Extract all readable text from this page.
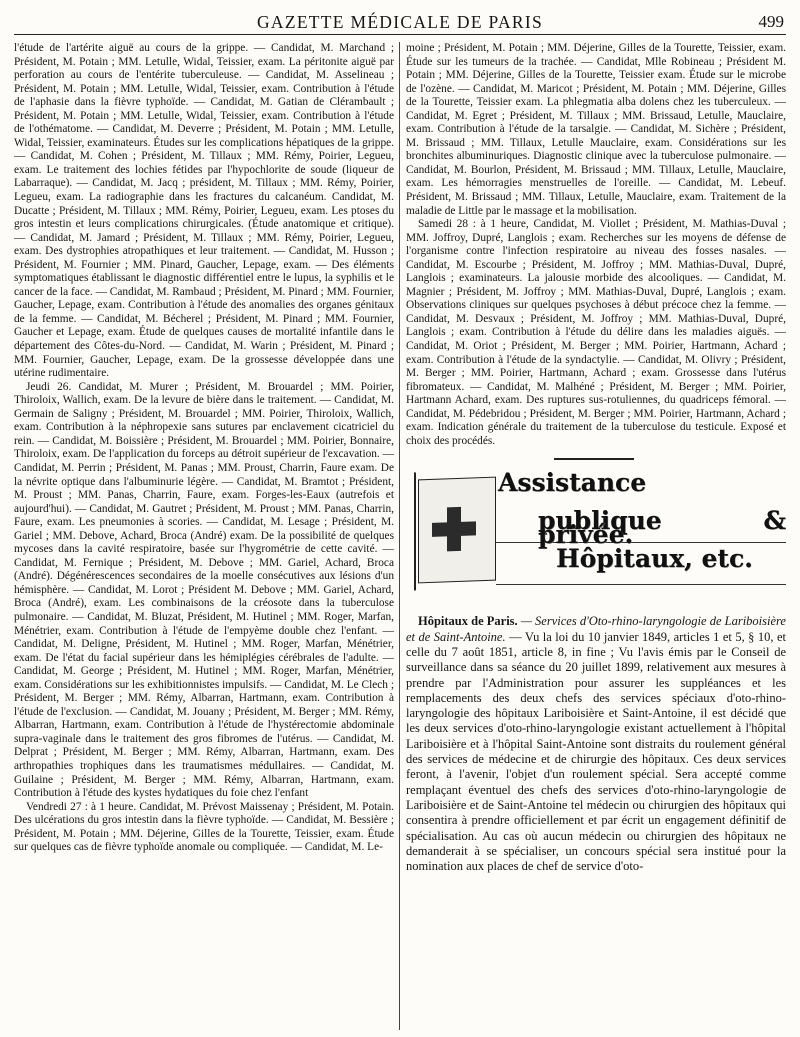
GAZETTE MÉDICALE DE PARIS	499

l'étude de l'artérite aiguë au cours de la grippe. — Candidat, M. Marchand ; Président, M. Potain ; MM. Letulle, Widal, Teissier, exam. La péritonite aiguë par perforation au cours de l'entérite tuberculeuse. — Candidat, M. Asselineau ; Président, M. Potain ; MM. Letulle, Widal, Teissier, exam. Contribution à l'étude de l'aphasie dans la fièvre typhoïde. — Candidat, M. Gatian de Clérambault ; Président, M. Potain ; MM. Letulle, Widal, Teissier, exam. Contribution à l'étude de l'othématome. — Candidat, M. Deverre ; Président, M. Potain ; MM. Letulle, Widal, Teissier, examinateurs. Études sur les complications hépatiques de la grippe. — Candidat, M. Cohen ; Président, M. Tillaux ; MM. Rémy, Poirier, Legueu, exam. Le traitement des lochies fétides par l'hypochlorite de soude (liqueur de Labarraque). — Candidat, M. Jacq ; président, M. Tillaux ; MM. Rémy, Poirier, Legueu, exam. La radiographie dans les fractures du calcanéum. Candidat, M. Ducatte ; Président, M. Tillaux ; MM. Rémy, Poirier, Legueu, exam. Les ptoses du gros intestin et leurs complications chirurgicales. (Étude anatomique et critique). — Candidat, M. Jamard ; Président, M. Tillaux ; MM. Rémy, Poirier, Legueu, exam. Des dystrophies atropathiques et leur traitement. — Candidat, M. Husson ; Président, M. Fournier ; MM. Pinard, Gaucher, Lepage, exam. — Des éléments symptomatiques établissant le diagnostic différentiel entre le lupus, la syphilis et le cancer de la face. — Candidat, M. Rambaud ; Président, M. Pinard ; MM. Fournier, Gaucher, Lepage, exam. Contribution à l'étude des anomalies des organes génitaux de la femme. — Candidat, M. Bécherel ; Président, M. Pinard ; MM. Fournier, Gaucher et Lepage, exam. Étude de quelques causes de mortalité infantile dans le département des Côtes-du-Nord. — Candidat, M. Warin ; Président, M. Pinard ; MM. Fournier, Gaucher, Lepage, exam. De la grossesse développée dans une utérine rudimentaire.

Jeudi 26. Candidat, M. Murer ; Président, M. Brouardel ; MM. Poirier, Thiroloix, Wallich, exam. De la levure de bière dans le traitement. — Candidat, M. Germain de Saligny ; Président, M. Brouardel ; MM. Poirier, Thiroloix, Wallich, exam. Contribution à la néphropexie sans sutures par enclavement cicatriciel du rein. — Candidat, M. Boissière ; Président, M. Brouardel ; MM. Poirier, Bonnaire, Thiroloix, exam. De l'application du forceps au détroit supérieur de l'excavation. — Candidat, M. Perrin ; Président, M. Panas ; MM. Proust, Charrin, Faure exam. De la névrite optique dans l'albuminurie légère. — Candidat, M. Bramtot ; Président, M. Proust ; MM. Panas, Charrin, Faure, exam. Forges-les-Eaux (autrefois et aujourd'hui). — Candidat, M. Gautret ; Président, M. Proust ; MM. Panas, Charrin, Faure, exam. Les pneumonies à scories. — Candidat, M. Lesage ; Président, M. Gariel ; MM. Debove, Achard, Broca (André) exam. De la possibilité de quelques mycoses dans la cavité respiratoire, basée sur l'hygrométrie de cette cavité. — Candidat, M. Fernique ; Président, M. Debove ; MM. Gariel, Achard, Broca (André). Dégénérescences secondaires de la moelle consécutives aux lésions d'un hémisphère. — Candidat, M. Lorot ; Président M. Debove ; MM. Gariel, Achard, Broca (André), exam. Les combinaisons de la créosote dans la tuberculose pulmonaire. — Candidat, M. Bluzat, Président, M. Hutinel ; MM. Roger, Marfan, Ménétrier, exam. Contribution à l'étude de l'empyème double chez l'enfant. — Candidat, M. Deligne, Président, M. Hutinel ; MM. Roger, Marfan, Ménétrier, exam. De l'état du facial supérieur dans les hémiplégies cérébrales de l'adulte. — Candidat, M. George ; Président, M. Hutinel ; MM. Roger, Marfan, Ménétrier, exam. Considérations sur les exhibitionnistes impulsifs. — Candidat, M. Le Clech ; Président, M. Berger ; MM. Rémy, Albarran, Hartmann, exam. Contribution à l'étude de l'exclusion. — Candidat, M. Jouany ; Président, M. Berger ; MM. Rémy, Albarran, Hartmann, exam. Contribution à l'étude de l'hystérectomie abdominale supra-vaginale dans le traitement des gros fibromes de l'utérus. — Candidat, M. Delprat ; Président, M. Berger ; MM. Rémy, Albarran, Hartmann, exam. Des arthropathies trophiques dans les traumatismes médullaires. — Candidat, M. Guilaine ; Président, M. Berger ; MM. Rémy, Albarran, Hartmann, exam. Contribution à l'étude des kystes hydatiques du foie chez l'enfant

Vendredi 27 : à 1 heure. Candidat, M. Prévost Maissenay ; Président, M. Potain. Des ulcérations du gros intestin dans la fièvre typhoïde. — Candidat, M. Bessière ; Président, M. Potain ; MM. Déjerine, Gilles de la Tourette, Teissier, exam. Étude sur quelques cas de fièvre typhoïde anomale ou compliquée. — Candidat, M. Le-

moine ; Président, M. Potain ; MM. Déjerine, Gilles de la Tourette, Teissier, exam. Étude sur les tumeurs de la trachée. — Candidat, Mlle Robineau ; Président M. Potain ; MM. Déjerine, Gilles de la Tourette, Teissier exam. Étude sur le microbe de l'ozène. — Candidat, M. Maricot ; Président, M. Potain ; MM. Déjerine, Gilles de la Tourette, Teissier exam. La phlegmatia alba dolens chez les tuberculeux. — Candidat, M. Egret ; Président, M. Tillaux ; MM. Brissaud, Letulle, Mauclaire, exam. Contribution à l'étude de la tarsalgie. — Candidat, M. Sichère ; Président, M. Brissaud ; MM. Tillaux, Letulle Mauclaire, exam. Considérations sur les bronchites albuminuriques. Diagnostic clinique avec la tuberculose pulmonaire. — Candidat, M. Bourlon, Président, M. Brissaud ; MM. Tillaux, Letulle, Mauclaire, exam. Les hémorragies menstruelles de l'oreille. — Candidat, M. Lebeuf. Président, M. Brissaud ; MM. Tillaux, Letulle, Mauclaire, exam. Traitement de la maladie de Little par le massage et la mobilisation.

Samedi 28 : à 1 heure, Candidat, M. Viollet ; Président, M. Mathias-Duval ; MM. Joffroy, Dupré, Langlois ; exam. Recherches sur les moyens de défense de l'organisme contre l'infection respiratoire au niveau des fosses nasales. — Candidat, M. Escourbe ; Président, M. Joffroy ; MM. Mathias-Duval, Dupré, Langlois ; examinateurs. La jalousie morbide des alcooliques. — Candidat, M. Magnier ; Président, M. Joffroy ; MM. Mathias-Duval, Dupré, Langlois ; exam. Observations cliniques sur quelques psychoses à début précoce chez la femme. — Candidat, M. Desvaux ; Président, M. Joffroy ; MM. Mathias-Duval, Dupré, Langlois ; exam. Contribution à l'étude du délire dans les maladies aiguës. — Candidat, M. Oriot ; Président, M. Berger ; MM. Poirier, Hartmann, Achard ; exam. Contribution à l'étude de la syndactylie. — Candidat, M. Olivry ; Président, M. Berger ; MM. Poirier, Hartmann, Achard ; exam. Grossesse dans l'utérus fibromateux. — Candidat, M. Malhéné ; Président, M. Berger ; MM. Poirier, Hartmann Achard, exam. Des ruptures sus-rotuliennes, du quadriceps fémoral. — Candidat, M. Pédebridou ; Président, M. Berger ; MM. Poirier, Hartmann, Achard ; exam. Indication générale du traitement de la tuberculose du testicule. Exposé et choix des procédés.

Assistance
publique & privée.
Hôpitaux, etc.

Hôpitaux de Paris. — Services d'Oto-rhino-laryngologie de Lariboisière et de Saint-Antoine. — Vu la loi du 10 janvier 1849, articles 1 et 5, § 10, et celle du 7 août 1851, article 8, in fine ; Vu l'avis émis par le Conseil de surveillance dans sa séance du 20 juillet 1899, relativement aux mesures à prendre par l'Administration pour assurer les suppléances et les remplacements des deux chefs des services spéciaux d'oto-rhino-laryngologie des hôpitaux Lariboisière et Saint-Antoine, il est décidé que les deux services d'oto-rhino-laryngologie existant actuellement à l'hôpital Lariboisière et à l'hôpital Saint-Antoine sont distraits du roulement général des services de médecine et de chirurgie des hôpitaux. Ces deux services feront, à l'avenir, l'objet d'un roulement spécial. Sera accepté comme remplaçant éventuel des chefs des services d'oto-rhino-laryngologie de Lariboisière et de Saint-Antoine tel médecin ou chirurgien des hôpitaux qui consentira à prendre officiellement et par écrit un engagement définitif de spécialisation. Au cas où aucun médecin ou chirurgien des hôpitaux ne demanderait à se spécialiser, un concours spécial sera institué pour la nomination aux places de chef de service d'oto-
